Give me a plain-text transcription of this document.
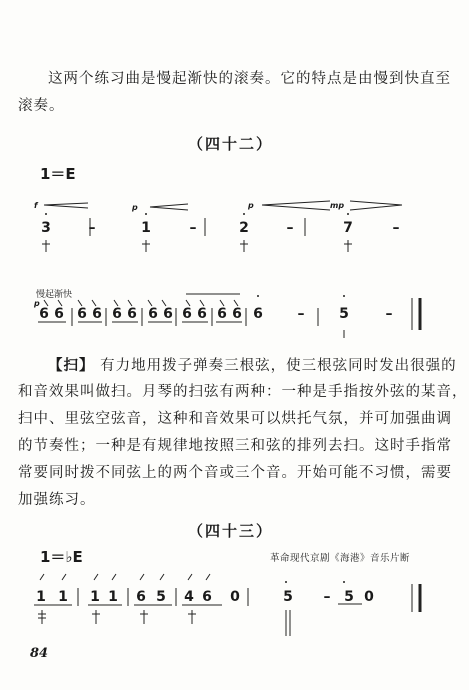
这两个练习曲是慢起渐快的滚奏。它的特点是由慢到快直至
滚奏。
（四十二）
1＝E
f	p	p	mp
3	–	1	–	2	–	7	–
慢起渐快
p
6 6 6 6 6 6 6 6 6 6 6 6 6	–	5	–
【扫】 有力地用拨子弹奏三根弦，使三根弦同时发出很强的
和音效果叫做扫。月琴的扫弦有两种：一种是手指按外弦的某音，
扫中、里弦空弦音，这种和音效果可以烘托气氛，并可加强曲调
的节奏性；一种是有规律地按照三和弦的排列去扫。这时手指常
常要同时拨不同弦上的两个音或三个音。开始可能不习惯，需要
加强练习。
（四十三）
1＝♭E	革命现代京剧《海港》音乐片断
1 1	1 1	6 5	4 6	0	5	– 5 0
84
